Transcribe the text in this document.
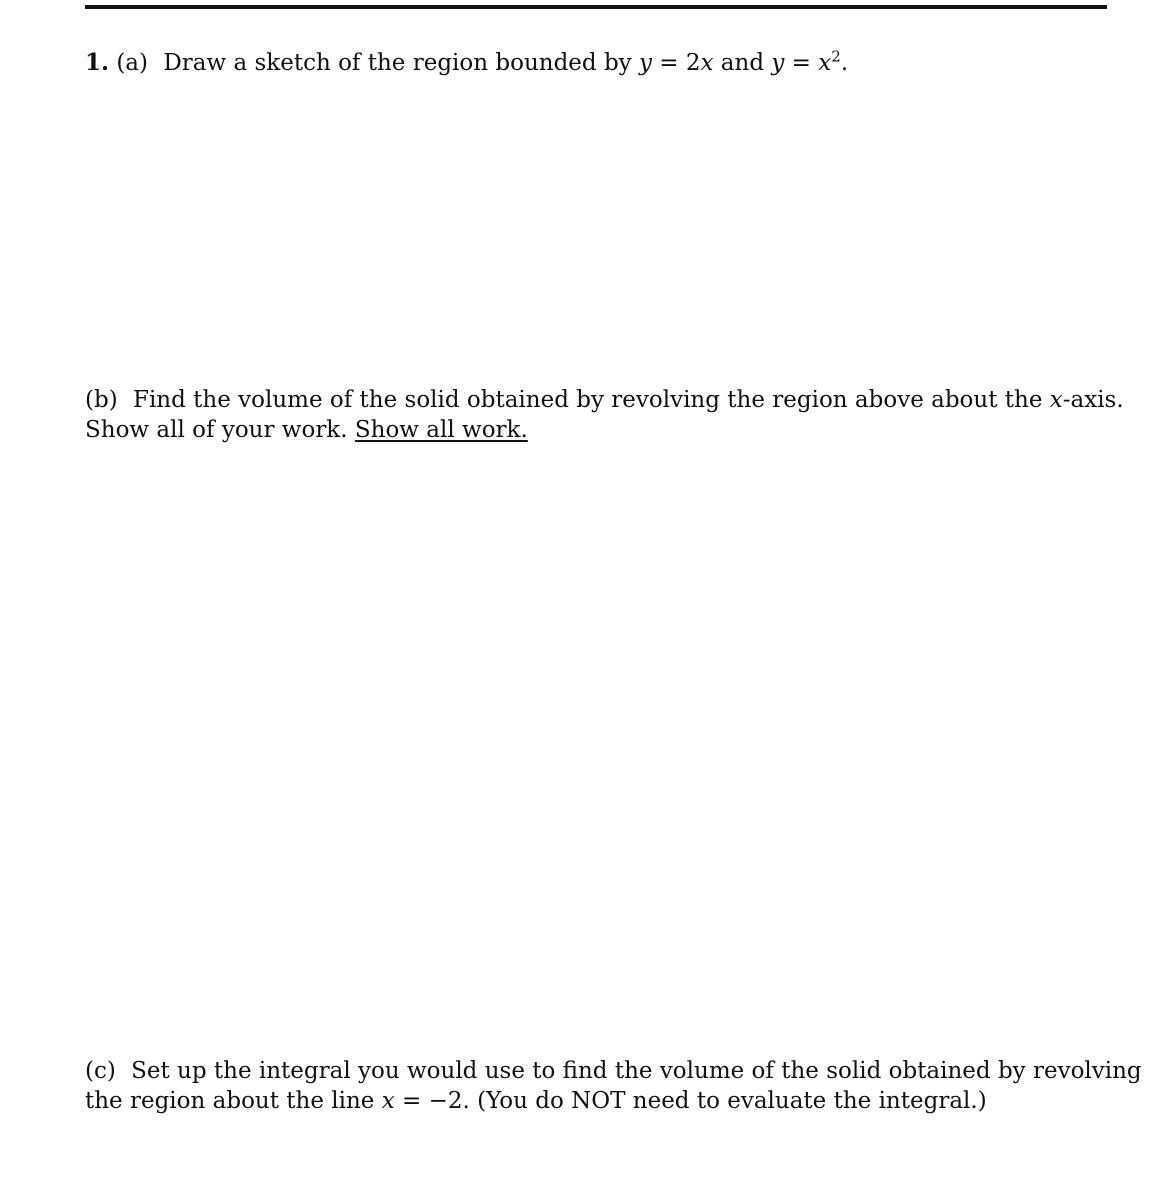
1. (a) Draw a sketch of the region bounded by y = 2x and $y = x^2$.
(b) Find the volume of the solid obtained by revolving the region above about the x-axis.
Show all of your work. Show all work.
(c) Set up the integral you would use to find the volume of the solid obtained by revolving
the region about the line x = −2. (You do NOT need to evaluate the integral.)
